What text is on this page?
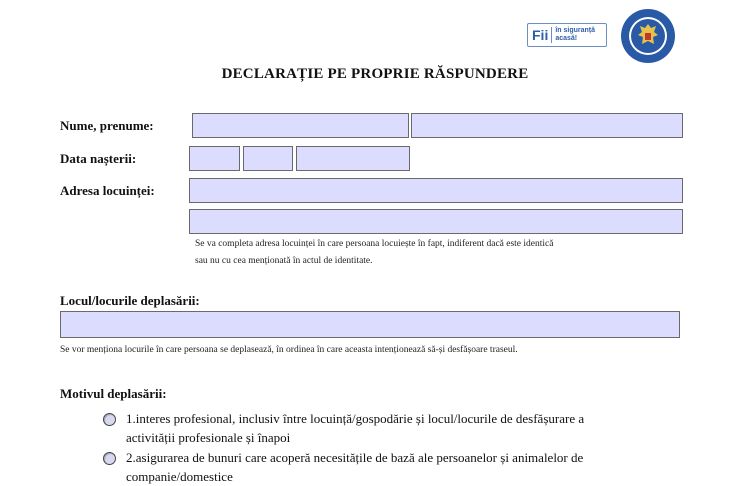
Fii în siguranță
acasă!
DECLARAȚIE PE PROPRIE RĂSPUNDERE
Nume, prenume:
Data nașterii:
Adresa locuinței:
Se va completa adresa locuinței în care persoana locuiește în fapt, indiferent dacă este identică
sau nu cu cea menționată în actul de identitate.
Locul/locurile deplasării:
Se vor menționa locurile în care persoana se deplasează, în ordinea în care aceasta intenționează să-și desfășoare traseul.
Motivul deplasării:
1.interes profesional, inclusiv între locuință/gospodărie și locul/locurile de desfășurare a
activității profesionale și înapoi
2.asigurarea de bunuri care acoperă necesitățile de bază ale persoanelor și animalelor de
companie/domestice
